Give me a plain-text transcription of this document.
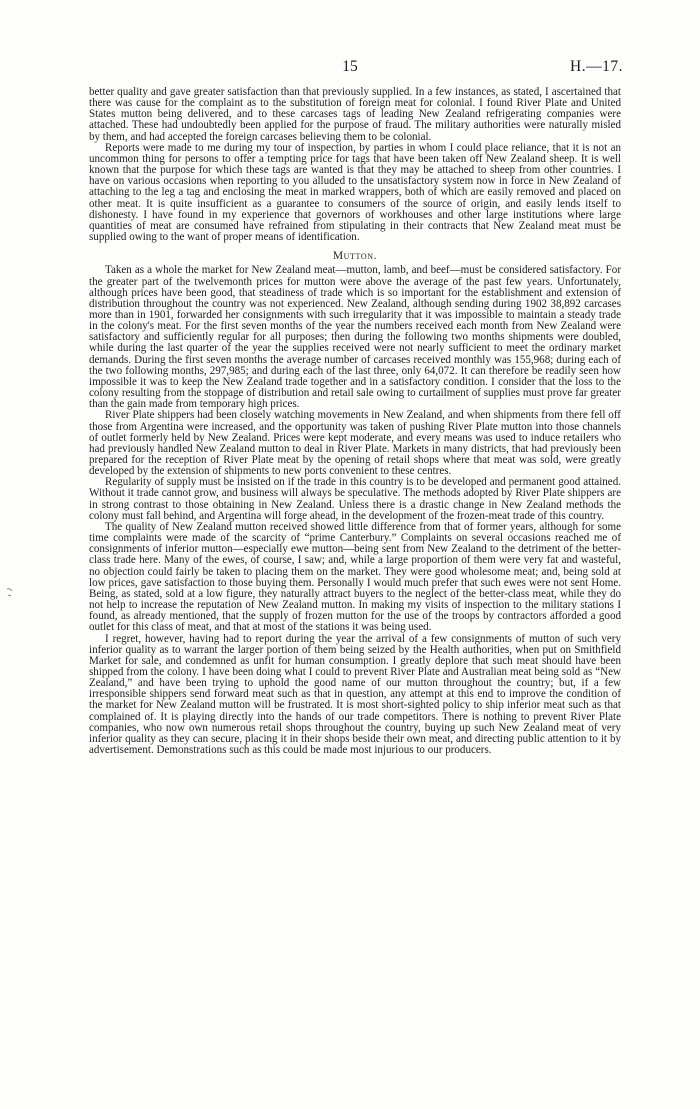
15	H.—17.

better quality and gave greater satisfaction than that previously supplied. In a few instances, as stated, I ascertained that there was cause for the complaint as to the substitution of foreign meat for colonial. I found River Plate and United States mutton being delivered, and to these carcases tags of leading New Zealand refrigerating companies were attached. These had undoubtedly been applied for the purpose of fraud. The military authorities were naturally misled by them, and had accepted the foreign carcases believing them to be colonial.

Reports were made to me during my tour of inspection, by parties in whom I could place reliance, that it is not an uncommon thing for persons to offer a tempting price for tags that have been taken off New Zealand sheep. It is well known that the purpose for which these tags are wanted is that they may be attached to sheep from other countries. I have on various occasions when reporting to you alluded to the unsatisfactory system now in force in New Zealand of attaching to the leg a tag and enclosing the meat in marked wrappers, both of which are easily removed and placed on other meat. It is quite insufficient as a guarantee to consumers of the source of origin, and easily lends itself to dishonesty. I have found in my experience that governors of workhouses and other large institutions where large quantities of meat are consumed have refrained from stipulating in their contracts that New Zealand meat must be supplied owing to the want of proper means of identification.

Mutton.

Taken as a whole the market for New Zealand meat—mutton, lamb, and beef—must be considered satisfactory. For the greater part of the twelvemonth prices for mutton were above the average of the past few years. Unfortunately, although prices have been good, that steadiness of trade which is so important for the establishment and extension of distribution throughout the country was not experienced. New Zealand, although sending during 1902 38,892 carcases more than in 1901, forwarded her consignments with such irregularity that it was impossible to maintain a steady trade in the colony's meat. For the first seven months of the year the numbers received each month from New Zealand were satisfactory and sufficiently regular for all purposes; then during the following two months shipments were doubled, while during the last quarter of the year the supplies received were not nearly sufficient to meet the ordinary market demands. During the first seven months the average number of carcases received monthly was 155,968; during each of the two following months, 297,985; and during each of the last three, only 64,072. It can therefore be readily seen how impossible it was to keep the New Zealand trade together and in a satisfactory condition. I consider that the loss to the colony resulting from the stoppage of distribution and retail sale owing to curtailment of supplies must prove far greater than the gain made from temporary high prices.

River Plate shippers had been closely watching movements in New Zealand, and when shipments from there fell off those from Argentina were increased, and the opportunity was taken of pushing River Plate mutton into those channels of outlet formerly held by New Zealand. Prices were kept moderate, and every means was used to induce retailers who had previously handled New Zealand mutton to deal in River Plate. Markets in many districts, that had previously been prepared for the reception of River Plate meat by the opening of retail shops where that meat was sold, were greatly developed by the extension of shipments to new ports convenient to these centres.

Regularity of supply must be insisted on if the trade in this country is to be developed and permanent good attained. Without it trade cannot grow, and business will always be speculative. The methods adopted by River Plate shippers are in strong contrast to those obtaining in New Zealand. Unless there is a drastic change in New Zealand methods the colony must fall behind, and Argentina will forge ahead, in the development of the frozen-meat trade of this country.

The quality of New Zealand mutton received showed little difference from that of former years, although for some time complaints were made of the scarcity of “prime Canterbury.” Complaints on several occasions reached me of consignments of inferior mutton—especially ewe mutton—being sent from New Zealand to the detriment of the better-class trade here. Many of the ewes, of course, I saw; and, while a large proportion of them were very fat and wasteful, no objection could fairly be taken to placing them on the market. They were good wholesome meat; and, being sold at low prices, gave satisfaction to those buying them. Personally I would much prefer that such ewes were not sent Home. Being, as stated, sold at a low figure, they naturally attract buyers to the neglect of the better-class meat, while they do not help to increase the reputation of New Zealand mutton. In making my visits of inspection to the military stations I found, as already mentioned, that the supply of frozen mutton for the use of the troops by contractors afforded a good outlet for this class of meat, and that at most of the stations it was being used.

I regret, however, having had to report during the year the arrival of a few consignments of mutton of such very inferior quality as to warrant the larger portion of them being seized by the Health authorities, when put on Smithfield Market for sale, and condemned as unfit for human consumption. I greatly deplore that such meat should have been shipped from the colony. I have been doing what I could to prevent River Plate and Australian meat being sold as “New Zealand,” and have been trying to uphold the good name of our mutton throughout the country; but, if a few irresponsible shippers send forward meat such as that in question, any attempt at this end to improve the condition of the market for New Zealand mutton will be frustrated. It is most short-sighted policy to ship inferior meat such as that complained of. It is playing directly into the hands of our trade competitors. There is nothing to prevent River Plate companies, who now own numerous retail shops throughout the country, buying up such New Zealand meat of very inferior quality as they can secure, placing it in their shops beside their own meat, and directing public attention to it by advertisement. Demonstrations such as this could be made most injurious to our producers.
